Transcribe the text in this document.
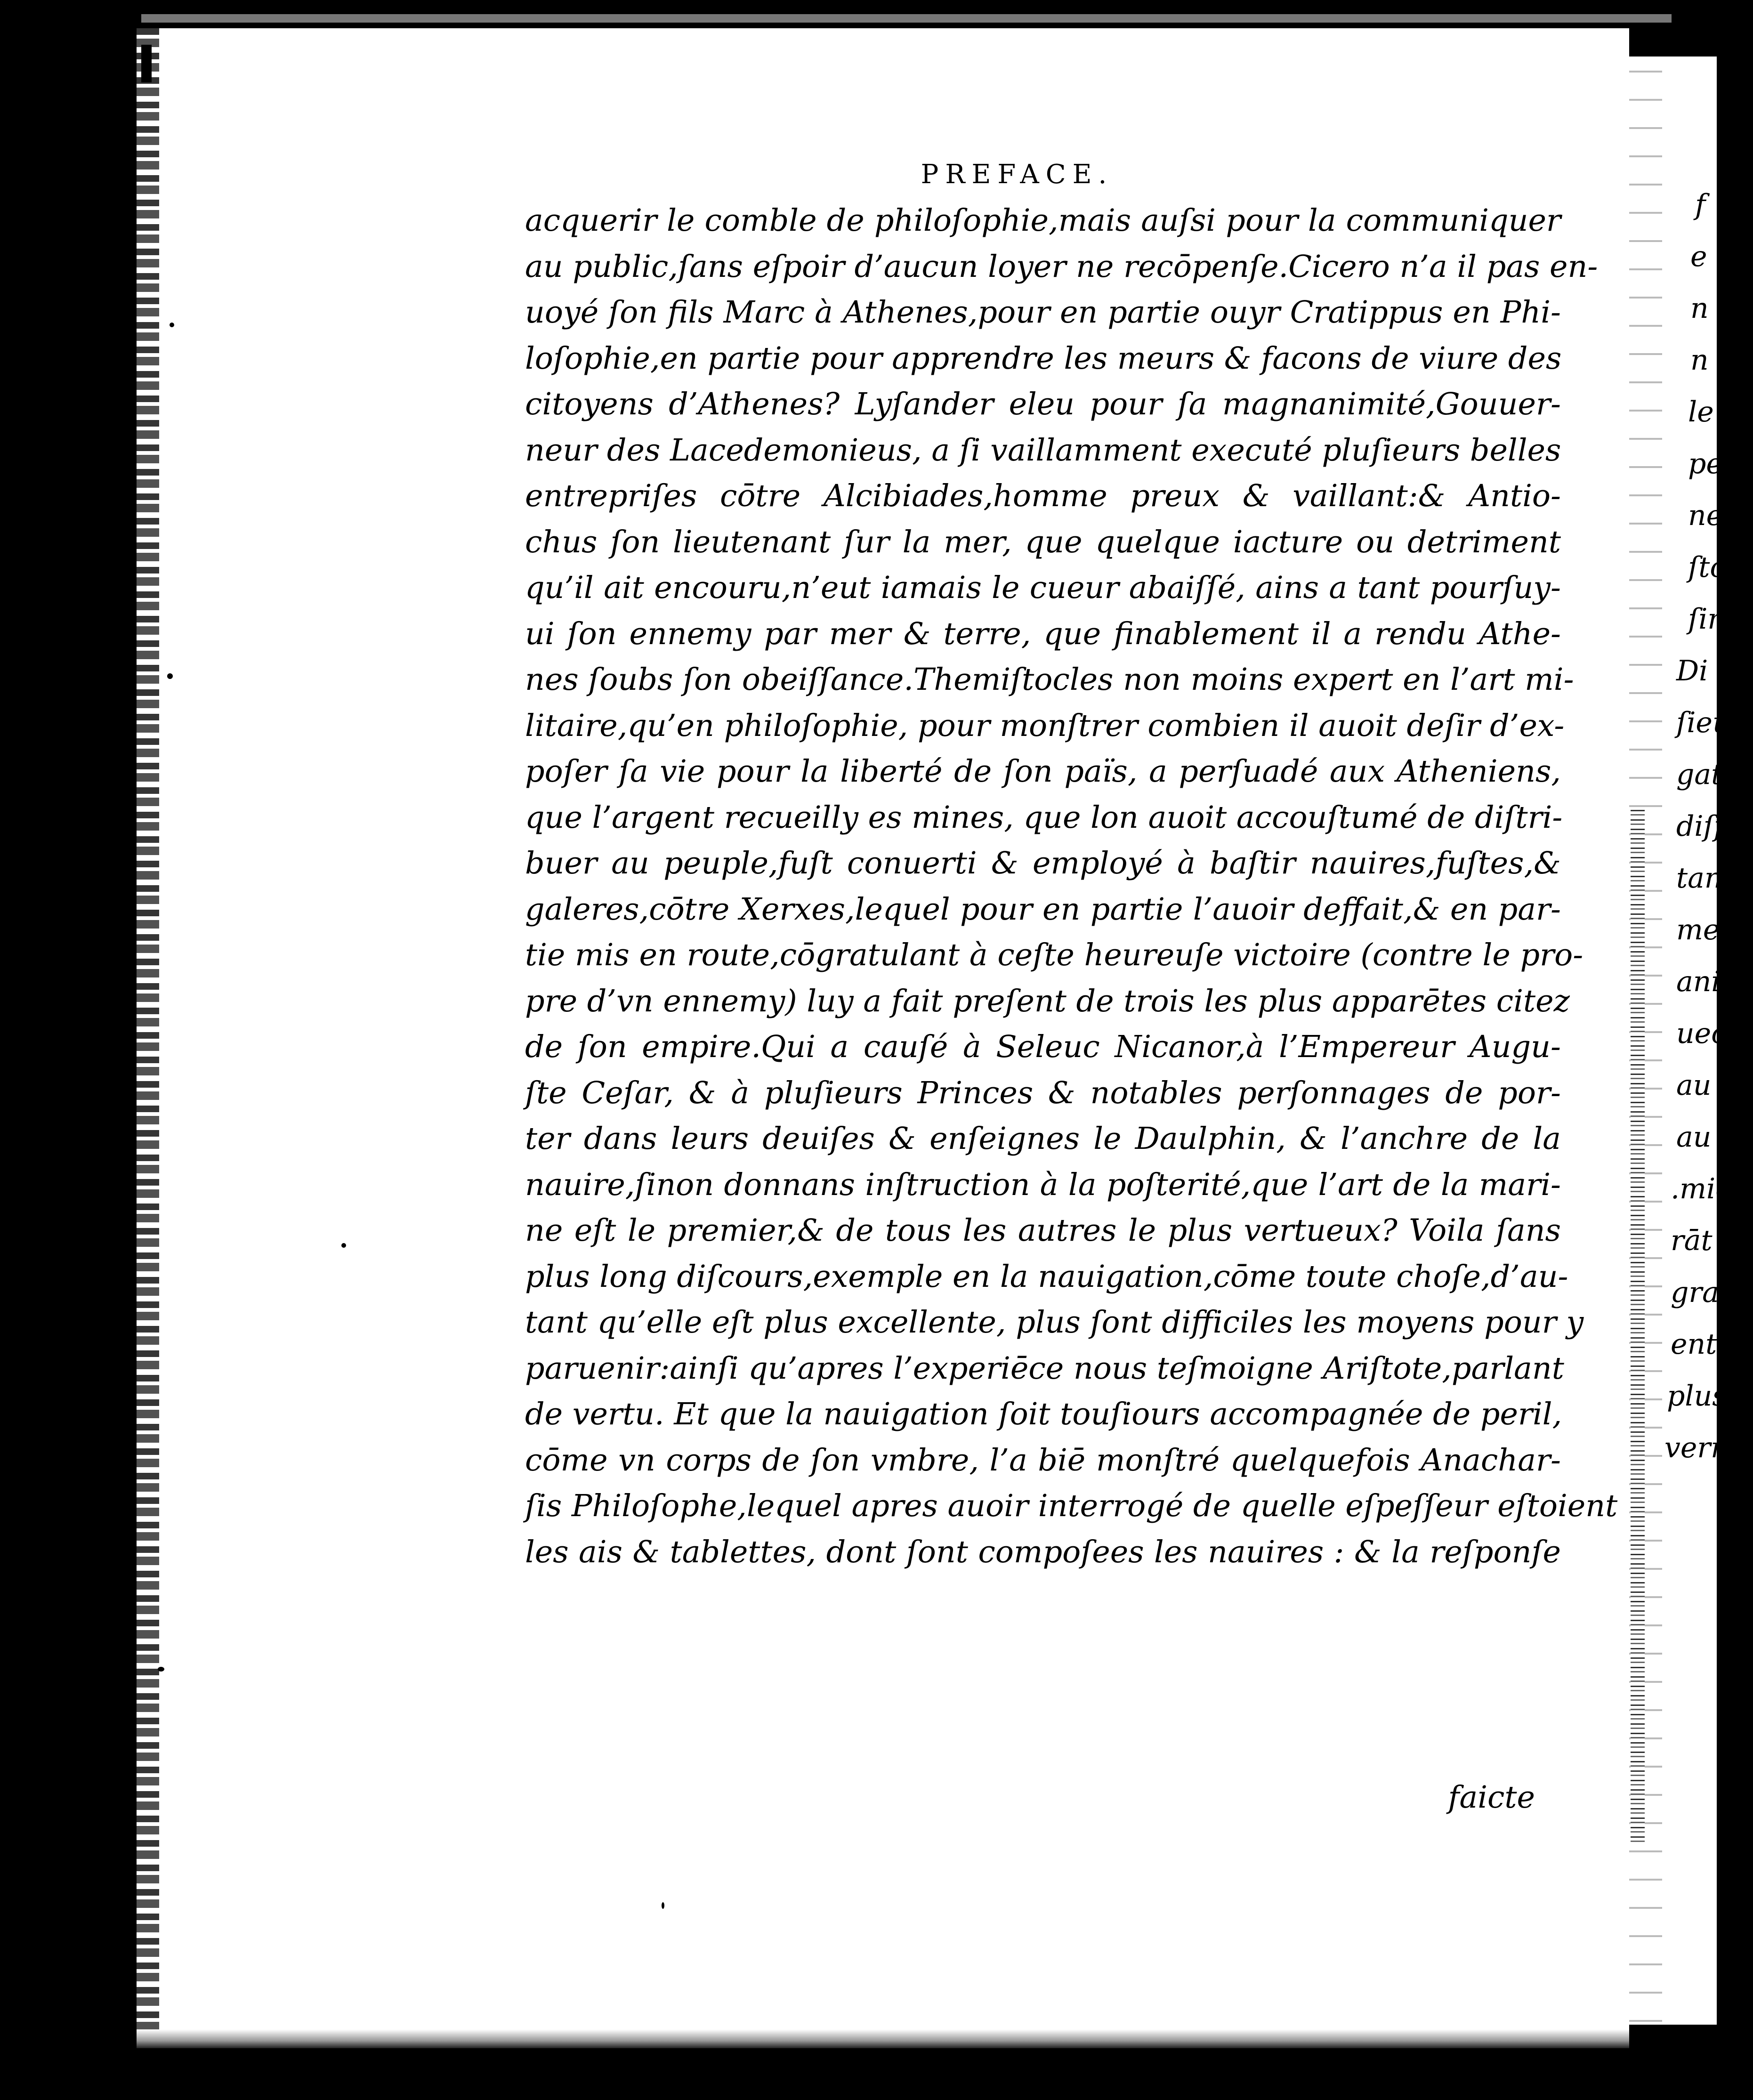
PREFACE.
acquerir le comble de philoſophie,mais auſsi pour la communiquer
au public,ſans eſpoir d’aucun loyer ne recōpenſe.Cicero n’a il pas en-
uoyé ſon fils Marc à Athenes,pour en partie ouyr Cratippus en Phi-
loſophie,en partie pour apprendre les meurs & facons de viure des
citoyens d’Athenes? Lyſander eleu pour ſa magnanimité,Gouuer-
neur des Lacedemonieus, a ſi vaillamment executé pluſieurs belles
entrepriſes cōtre Alcibiades,homme preux & vaillant:& Antio-
chus ſon lieutenant ſur la mer, que quelque iacture ou detriment
qu’il ait encouru,n’eut iamais le cueur abaiſſé, ains a tant pourſuy-
ui ſon ennemy par mer & terre, que finablement il a rendu Athe-
nes ſoubs ſon obeiſſance.Themiſtocles non moins expert en l’art mi-
litaire,qu’en philoſophie, pour monſtrer combien il auoit deſir d’ex-
poſer ſa vie pour la liberté de ſon païs, a perſuadé aux Atheniens,
que l’argent recueilly es mines, que lon auoit accouſtumé de diſtri-
buer au peuple,fuſt conuerti & employé à baſtir nauires,fuſtes,&
galeres,cōtre Xerxes,lequel pour en partie l’auoir deffait,& en par-
tie mis en route,cōgratulant à ceſte heureuſe victoire (contre le pro-
pre d’vn ennemy) luy a fait preſent de trois les plus apparētes citez
de ſon empire.Qui a cauſé à Seleuc Nicanor,à l’Empereur Augu-
ſte Ceſar, & à pluſieurs Princes & notables perſonnages de por-
ter dans leurs deuiſes & enſeignes le Daulphin, & l’anchre de la
nauire,ſinon donnans inſtruction à la poſterité,que l’art de la mari-
ne eſt le premier,& de tous les autres le plus vertueux? Voila ſans
plus long diſcours,exemple en la nauigation,cōme toute choſe,d’au-
tant qu’elle eſt plus excellente, plus ſont difficiles les moyens pour y
paruenir:ainſi qu’apres l’experiēce nous teſmoigne Ariſtote,parlant
de vertu. Et que la nauigation ſoit touſiours accompagnée de peril,
cōme vn corps de ſon vmbre, l’a biē monſtré quelquefois Anachar-
ſis Philoſophe,lequel apres auoir interrogé de quelle eſpeſſeur eſtoient
les ais & tablettes, dont ſont compoſees les nauires : & la reſponſe
faicte
f
e
n
n
le
pe
ne
ſto
ſin
Di
ſieu
gat
diſſ
tan
me
anin
uec
au n
au r
.mien
rāt a
granc
entre
plus r
verra
